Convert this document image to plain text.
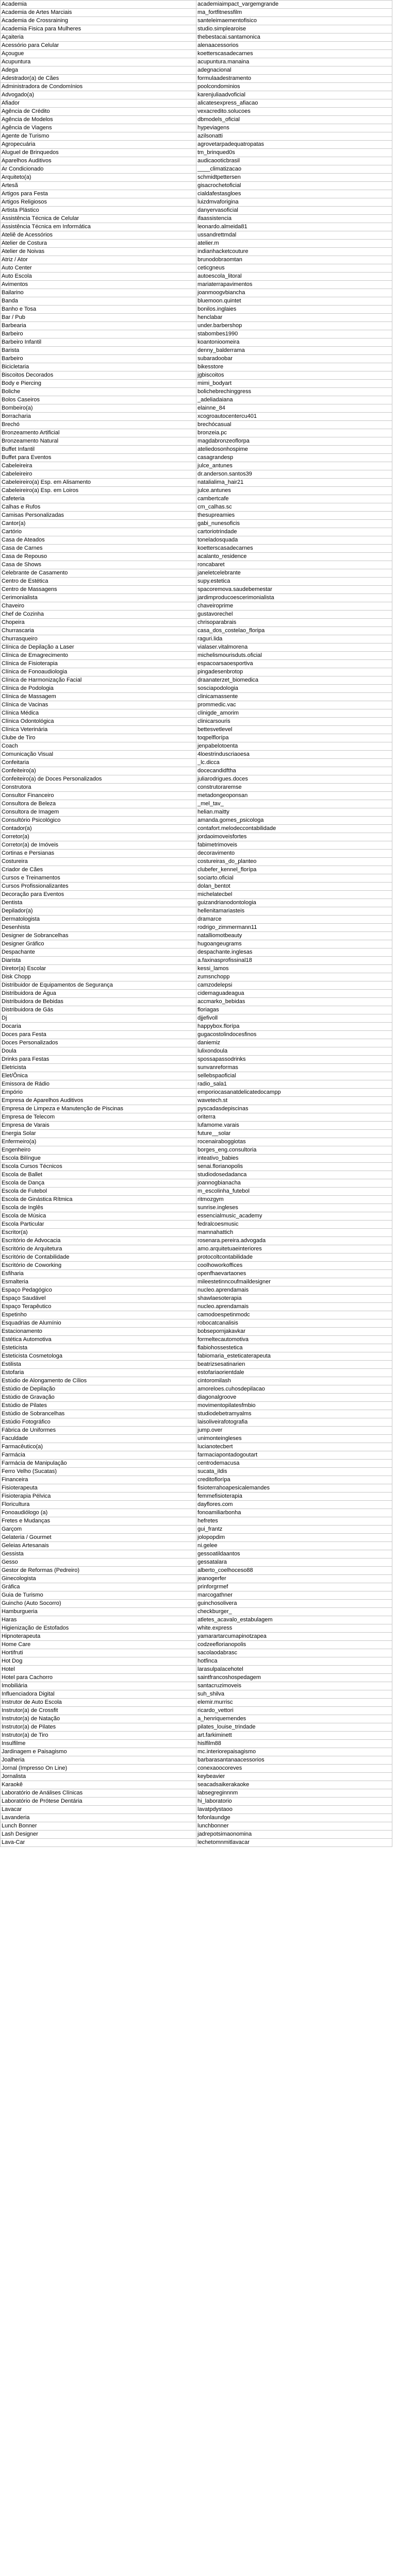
Academia	academiaimpact_vargemgrande
Academia de Artes Marciais	ma_fortfitnessfilm
Academia de Crossraining	santeleimaementofisico
Academia Fisica para Mulheres	studio.simplearoise
Açaiteria	thebestacai.santamonica
Acessório para Celular	alenaacessorios
Açougue	koetterscasadecarnes
Acupuntura	acupuntura.manaina
Adega	adegnacional
Adestrador(a) de Cães	formulaadestramento
Administradora de Condomínios	poolcondominios
Advogado(a)	karenjuliaadvoficial
Afiador	alicatesexpress_afiacao
Agência de Crédito	vexacredito.solucoes
Agência de Modelos	dbmodels_oficial
Agência de Viagens	hypeviagens
Agente de Turismo	azilsonatti
Agropecuária	agrovetarpadequatropatas
Aluguel de Brinquedos	tm_brinqued0s
Aparelhos Auditivos	audicaooticbrasil
Ar Condicionado	____climatizacao
Arquiteto(a)	schmidtpettersen
Artesã	gisacrochetoficial
Artigos para Festa	cialdafestasgloes
Artigos Religiosos	luizdmvaforigina
Artista Plástico	danyervasoficial
Assistência Técnica de Celular	ifaassistencia
Assistência Técnica em Informática	leonardo.almeida81
Ateliê de Acessórios	ussandrettmdal
Atelier de Costura	atelier.m
Atelier de Noivas	indianhacketcouture
Atriz / Ator	brunodobraomtan
Auto Center	ceticgneus
Auto Escola	autoescola_litoral
Avimentos	mariaterrapavimentos
Bailarino	joanmoogvbiancha
Banda	bluemoon.quintet
Banho e Tosa	bonilos.inglaies
Bar / Pub	henclabar
Barbearia	under.barbershop
Barbeiro	stabombes1990
Barbeiro Infantil	koantonioomeira
Barista	denny_balderrama
Barbeiro	subaradoobar
Bicicletaria	bikesstore
Biscoitos Decorados	jgbiscoitos
Body e Piercing	mimi_bodyart
Boliche	bolichebrechinggress
Bolos Caseiros	_adeliadaiana
Bombeiro(a)	elainne_84
Borracharia	xcogroautocentercu401
Brechó	brechócasual
Bronzeamento Artificial	bronzeia.pc
Bronzeamento Natural	magdabronzeoflorpa
Buffet Infantil	ateliedosonhospime
Buffet para Eventos	casagrandesp
Cabeleireira	julce_antunes
Cabeleireiro	dr.anderson.santos39
Cabeleireiro(a) Esp. em Alisamento	natalialima_hair21
Cabeleireiro(a) Esp. em Loiros	julce.antunes
Cafeteria	cambertcafe
Calhas e Rufos	cm_calhas.sc
Camisas Personalizadas	thesupreamies
Cantor(a)	gabi_nunesoficis
Cartório	cartoriotrindade
Casa de Ateados	toneladosquada
Casa de Carnes	koetterscasadecarnes
Casa de Repouso	acalanto_residence
Casa de Shows	roncabaret
Celebrante de Casamento	janeletcelebrante
Centro de Estética	supy.estetica
Centro de Massagens	spacoremova.saudebemestar
Cerimonialista	jardimproducoescerimonialista
Chaveiro	chaveiroprime
Chef de Cozinha	gustavorechel
Chopeira	chrisoparabrais
Churrascaria	casa_dos_costelao_floripa
Churrasqueiro	raguri.lida
Clínica de Depilação a Laser	vialaser.vitalmorena
Clínica de Emagrecimento	michelismourisduts.oficial
Clínica de Fisioterapia	espacoarsaoesportiva
Clínica de Fonoaudiologia	pingadesenbrotop
Clínica de Harmonização Facial	draanaterzet_biomedica
Clínica de Podologia	sosciapodologia
Clínica de Massagem	clinicamassente
Clínica de Vacinas	prommedic.vac
Clínica Médica	clinigde_amorim
Clínica Odontológica	clinicarsouris
Clínica Veterinária	bettesvetlevel
Clube de Tiro	toqpelflorípa
Coach	jenpabelotoenta
Comunicação Visual	4loestrinduscriaoesa
Confeitaria	_lc.dicca
Confeiteiro(a)	docecandidftha
Confeiteiro(a) de Doces Personalizados	juliarodrigues.doces
Construtora	construtoraremse
Consultor Financeiro	metadongeoponsan
Consultora de Beleza	_mel_tav_
Consultora de Imagem	helian.maitty
Consultório Psicológico	amanda.gomes_psicologa
Contador(a)	contafort.melodeccontabilidade
Corretor(a)	jordaoimoveisfortes
Corretor(a) de Imóveis	fabimetrimoveis
Cortinas e Persianas	decoravimento
Costureira	costureiras_do_planteo
Criador de Cães	clubefer_kennel_florípa
Cursos e Treinamentos	sociarto.oficial
Cursos Profissionalizantes	dolan_bentot
Decoração para Eventos	michelatecbel
Dentista	guizandrianodontologia
Depilador(a)	hellenitamariasteis
Dermatologista	dramarce
Desenhista	rodrigo_zimmermann11
Designer de Sobrancelhas	natalliomotbeauty
Designer Gráfico	hugoangeugrams
Despachante	despachante.inglesas
Diarista	a.faxinasprofissinal18
Diretor(a) Escolar	kessi_lamos
Disk Chopp	zumsnchopp
Distribuidor de Equipamentos de Segurança	camzodelepsi
Distribuidora de Água	cidemaguadeagua
Distribuidora de Bebidas	accmarko_bebidas
Distribuidora de Gás	floriagas
Dj	djjefivoll
Docaria	happybox.florípa
Doces para Festa	gugacostolindocesfinos
Doces Personalizados	daniemiz
Doula	lulixondoula
Drinks para Festas	spossapassodrinks
Eletricista	sunvanreformas
Elet/Ônica	sellebspaoficial
Emissora de Rádio	radio_sala1
Empório	emporiocasanatdelicatedocampp
Empresa de Aparelhos Auditivos	wavetech.st
Empresa de Limpeza e Manutenção de Piscinas	pyscadasdepiscinas
Empresa de Telecom	oriterra
Empresa de Varais	lufamome.varais
Energia Solar	future__solar
Enfermeiro(a)	rocenairaboggiotas
Engenheiro	borges_eng.consultoria
Escola Bilíngue	inteativo_babies
Escola Cursos Técnicos	senai.florianopolis
Escola de Ballet	studiodosedadanca
Escola de Dança	joannogbianacha
Escola de Futebol	m_escolinha_futebol
Escola de Ginástica Rítmica	ritmozgym
Escola de Inglês	sunrise.ingleses
Escola de Música	essencialmusic_academy
Escola Particular	fedralcoesmusic
Escritor(a)	mamnahattich
Escritório de Advocacia	rosenara.pereira.advogada
Escritório de Arquitetura	amo.arquitetuaeinteriores
Escritório de Contabilidade	protocoltcontabilidade
Escritório de Coworking	coolhoworkoffices
Esfiharia	openfhaevartaones
Esmalteria	mileestetinncoufmaildesigner
Espaço Pedagógico	nucleo.aprendamais
Espaço Saudável	shawlaesoterapia
Espaço Terapêutico	nucleo.aprendamais
Espetinho	camodoespetinmodc
Esquadrias de Alumínio	robocatcanalisis
Estacionamento	bobsepornjakavkar
Estética Automotiva	formeltecautomotiva
Esteticista	flabiohossestetica
Esteticista Cosmetologa	fabiomaria_esteticaterapeuta
Estilista	beatrizsesatinarien
Estofaria	estofariaorientdale
Estúdio de Alongamento de Cílios	cintoromilash
Estúdio de Depilação	amoreloes.cuhosdepilacao
Estúdio de Gravação	diagonalgroove
Estúdio de Pilates	movimentopilatesfmbio
Estúdio de Sobrancelhas	studiodebetramyalms
Estúdio Fotográfico	laisoliveirafotografia
Fábrica de Uniformes	jump.over
Faculdade	unimonteingleses
Farmacêutico(a)	lucianotecbert
Farmácia	farmaciapontadogoutart
Farmácia de Manipulação	centrodemacusa
Ferro Velho (Sucatas)	sucata_ildis
Financeira	creditoflorípa
Fisioterapeuta	fisioterrahoapesicalemandes
Fisioterapia Pélvica	femmefisioterapia
Floricultura	dayflores.com
Fonoaudiólogo (a)	fonoamiliarbonha
Fretes e Mudanças	hefretes
Garçom	gui_frantz
Gelateria / Gourmet	jolopopdim
Geleias Artesanais	ni.gelee
Gessista	gessoatildaantos
Gesso	gessatalara
Gestor de Reformas (Pedreiro)	alberto_coelhoceso88
Ginecologista	jeanogerfer
Gráfica	prinforgrmef
Guia de Turismo	marcogathner
Guincho (Auto Socorro)	guinchosolivera
Hamburgueria	checkburger_
Haras	atletes_acavalo_estabulagem
Higienização de Estofados	white.express
Hipnoterapeuta	yamarartarcumapinotzapea
Home Care	codzeeflorianopolis
Hortifruti	sacolaodabrasc
Hot Dog	hotfinca
Hotel	larasulpalacehotel
Hotel para Cachorro	saintfrancoshospedagem
Imobiliária	santacruzimoveis
Influenciadora Digital	suh_shilva
Instrutor de Auto Escola	elemir.murrisc
Instrutor(a) de Crossfit	ricardo_vettori
Instrutor(a) de Natação	a_henriquemendes
Instrutor(a) de Pilates	pilates_louise_trindade
Instrutor(a) de Tiro	art.farkiminett
Insulfilme	hislfilm88
Jardinagem e Paisagismo	mc.interiorepaisagismo
Joalheria	barbarasantanaacessorios
Jornal (Impresso On Line)	conexaoocoreves
Jornalista	keybeavier
Karaokê	seacadsaikerakaoke
Laboratório de Análises Clínicas	labsegreginnnm
Laboratório de Prótese Dentária	hi_laboratorio
Lavacar	lavatpdystaoo
Lavanderia	fofonlaundge
Lunch Bonner	lunchbonner
Lash Designer	jadrepotsimaonomina
Lava-Car	lechetomnmitlavacar
